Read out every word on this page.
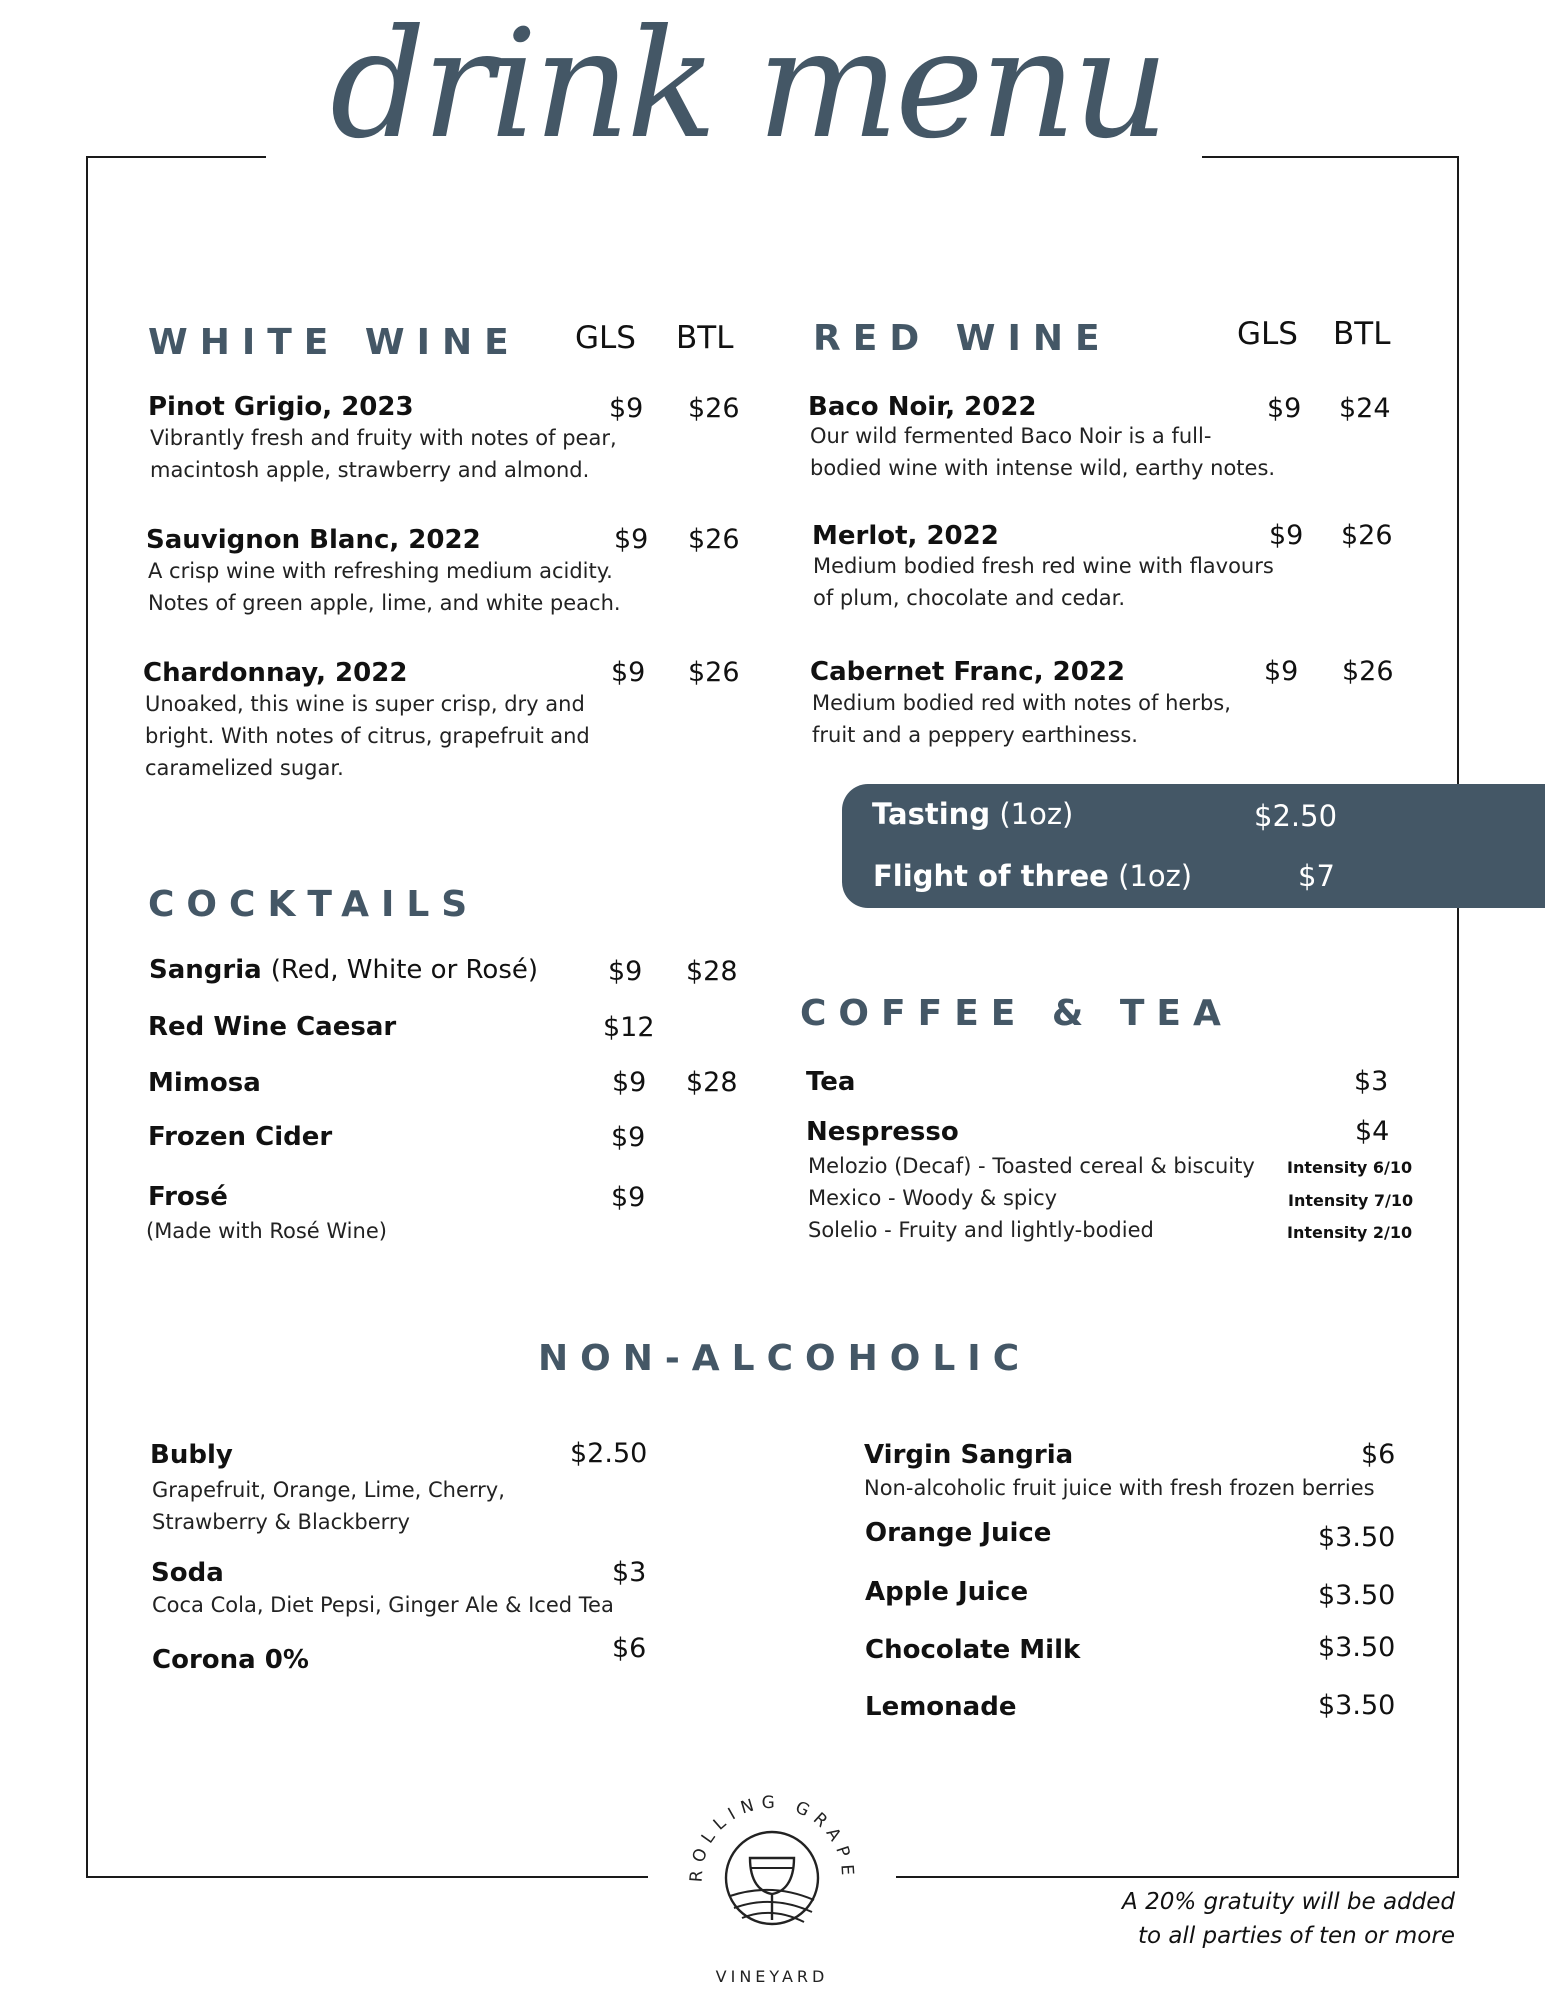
drink menu
WHITE WINE GLS BTL
Pinot Grigio, 2023	$9 $26
Vibrantly fresh and fruity with notes of pear,
macintosh apple, strawberry and almond.
Sauvignon Blanc, 2022	$9 $26
A crisp wine with refreshing medium acidity.
Notes of green apple, lime, and white peach.
Chardonnay, 2022	$9 $26
Unoaked, this wine is super crisp, dry and
bright. With notes of citrus, grapefruit and
caramelized sugar.
RED WINE	GLS BTL
Baco Noir, 2022	$9 $24
Our wild fermented Baco Noir is a full-
bodied wine with intense wild, earthy notes.
Merlot, 2022	$9 $26
Medium bodied fresh red wine with flavours
of plum, chocolate and cedar.
Cabernet Franc, 2022	$9 $26
Medium bodied red with notes of herbs,
fruit and a peppery earthiness.
Tasting (1oz)	$2.50
Flight of three (1oz)	$7
COCKTAILS
Sangria (Red, White or Rosé)	$9 $28
Red Wine Caesar	$12
Mimosa	$9 $28
Frozen Cider	$9
Frosé	$9
(Made with Rosé Wine)
COFFEE & TEA
Tea	$3
Nespresso	$4
Melozio (Decaf) - Toasted cereal & biscuity Intensity 6/10
Mexico - Woody & spicy	Intensity 7/10
Solelio - Fruity and lightly-bodied	Intensity 2/10
NON-ALCOHOLIC
Bubly	$2.50
Grapefruit, Orange, Lime, Cherry,
Strawberry & Blackberry
Soda	$3
Coca Cola, Diet Pepsi, Ginger Ale & Iced Tea
Corona 0%	$6
Virgin Sangria	$6
Non-alcoholic fruit juice with fresh frozen berries
Orange Juice	$3.50
Apple Juice	$3.50
Chocolate Milk	$3.50
Lemonade	$3.50
ROLLING GRAPE
VINEYARD
A 20% gratuity will be added
to all parties of ten or more
